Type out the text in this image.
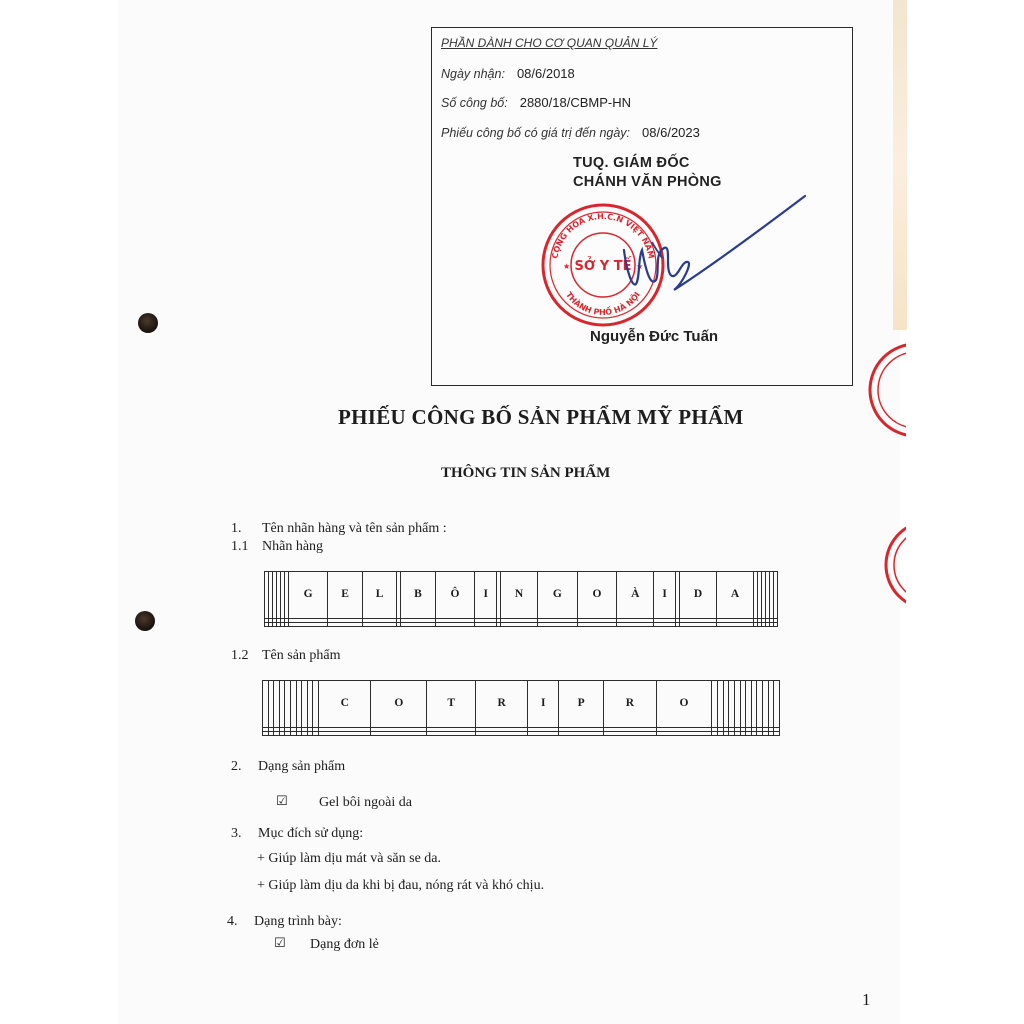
PHẦN DÀNH CHO CƠ QUAN QUẢN LÝ
Ngày nhận: 08/6/2018
Số công bố: 2880/18/CBMP-HN
Phiếu công bố có giá trị đến ngày: 08/6/2023
TUQ. GIÁM ĐỐC
CHÁNH VĂN PHÒNG
CỘNG HÒA X.H.C.N VIỆT NAM
THÀNH PHỐ HÀ NỘI
SỞ Y TẾ
★	★
Nguyễn Đức Tuấn
PHIẾU CÔNG BỐ SẢN PHẨM MỸ PHẨM
THÔNG TIN SẢN PHẨM
1. Tên nhãn hàng và tên sản phẩm :
1.1 Nhãn hàng
						G	E	L		B	Ô	I		N	G	O	À	I		D	A						

1.2 Tên sản phẩm
										C	O	T	R	I	P	R	O												

2. Dạng sản phẩm
☑ Gel bôi ngoài da
3. Mục đích sử dụng:
+ Giúp làm dịu mát và săn se da.
+ Giúp làm dịu da khi bị đau, nóng rát và khó chịu.
4. Dạng trình bày:
☑ Dạng đơn lẻ
1
